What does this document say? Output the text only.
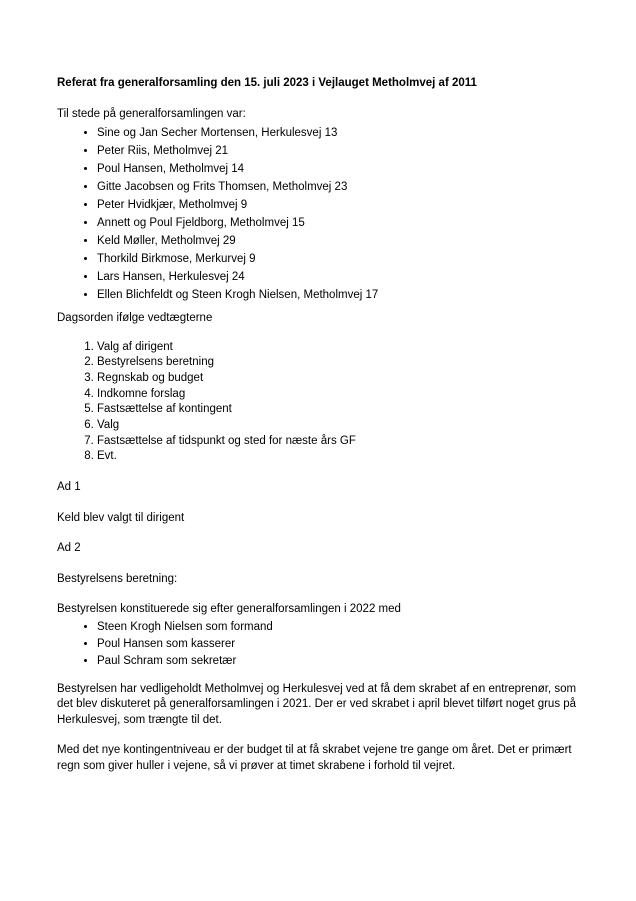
Referat fra generalforsamling den 15. juli 2023 i Vejlauget Metholmvej af 2011

Til stede på generalforsamlingen var:

• Sine og Jan Secher Mortensen, Herkulesvej 13
• Peter Riis, Metholmvej 21
• Poul Hansen, Metholmvej 14
• Gitte Jacobsen og Frits Thomsen, Metholmvej 23
• Peter Hvidkjær, Metholmvej 9
• Annett og Poul Fjeldborg, Metholmvej 15
• Keld Møller, Metholmvej 29
• Thorkild Birkmose, Merkurvej 9
• Lars Hansen, Herkulesvej 24
• Ellen Blichfeldt og Steen Krogh Nielsen, Metholmvej 17

Dagsorden ifølge vedtægterne

1. Valg af dirigent
2. Bestyrelsens beretning
3. Regnskab og budget
4. Indkomne forslag
5. Fastsættelse af kontingent
6. Valg
7. Fastsættelse af tidspunkt og sted for næste års GF
8. Evt.

Ad 1

Keld blev valgt til dirigent

Ad 2

Bestyrelsens beretning:

Bestyrelsen konstituerede sig efter generalforsamlingen i 2022 med

• Steen Krogh Nielsen som formand
• Poul Hansen som kasserer
• Paul Schram som sekretær

Bestyrelsen har vedligeholdt Metholmvej og Herkulesvej ved at få dem skrabet af en entreprenør, som det blev diskuteret på generalforsamlingen i 2021. Der er ved skrabet i april blevet tilført noget grus på Herkulesvej, som trængte til det.

Med det nye kontingentniveau er der budget til at få skrabet vejene tre gange om året. Det er primært regn som giver huller i vejene, så vi prøver at timet skrabene i forhold til vejret.
